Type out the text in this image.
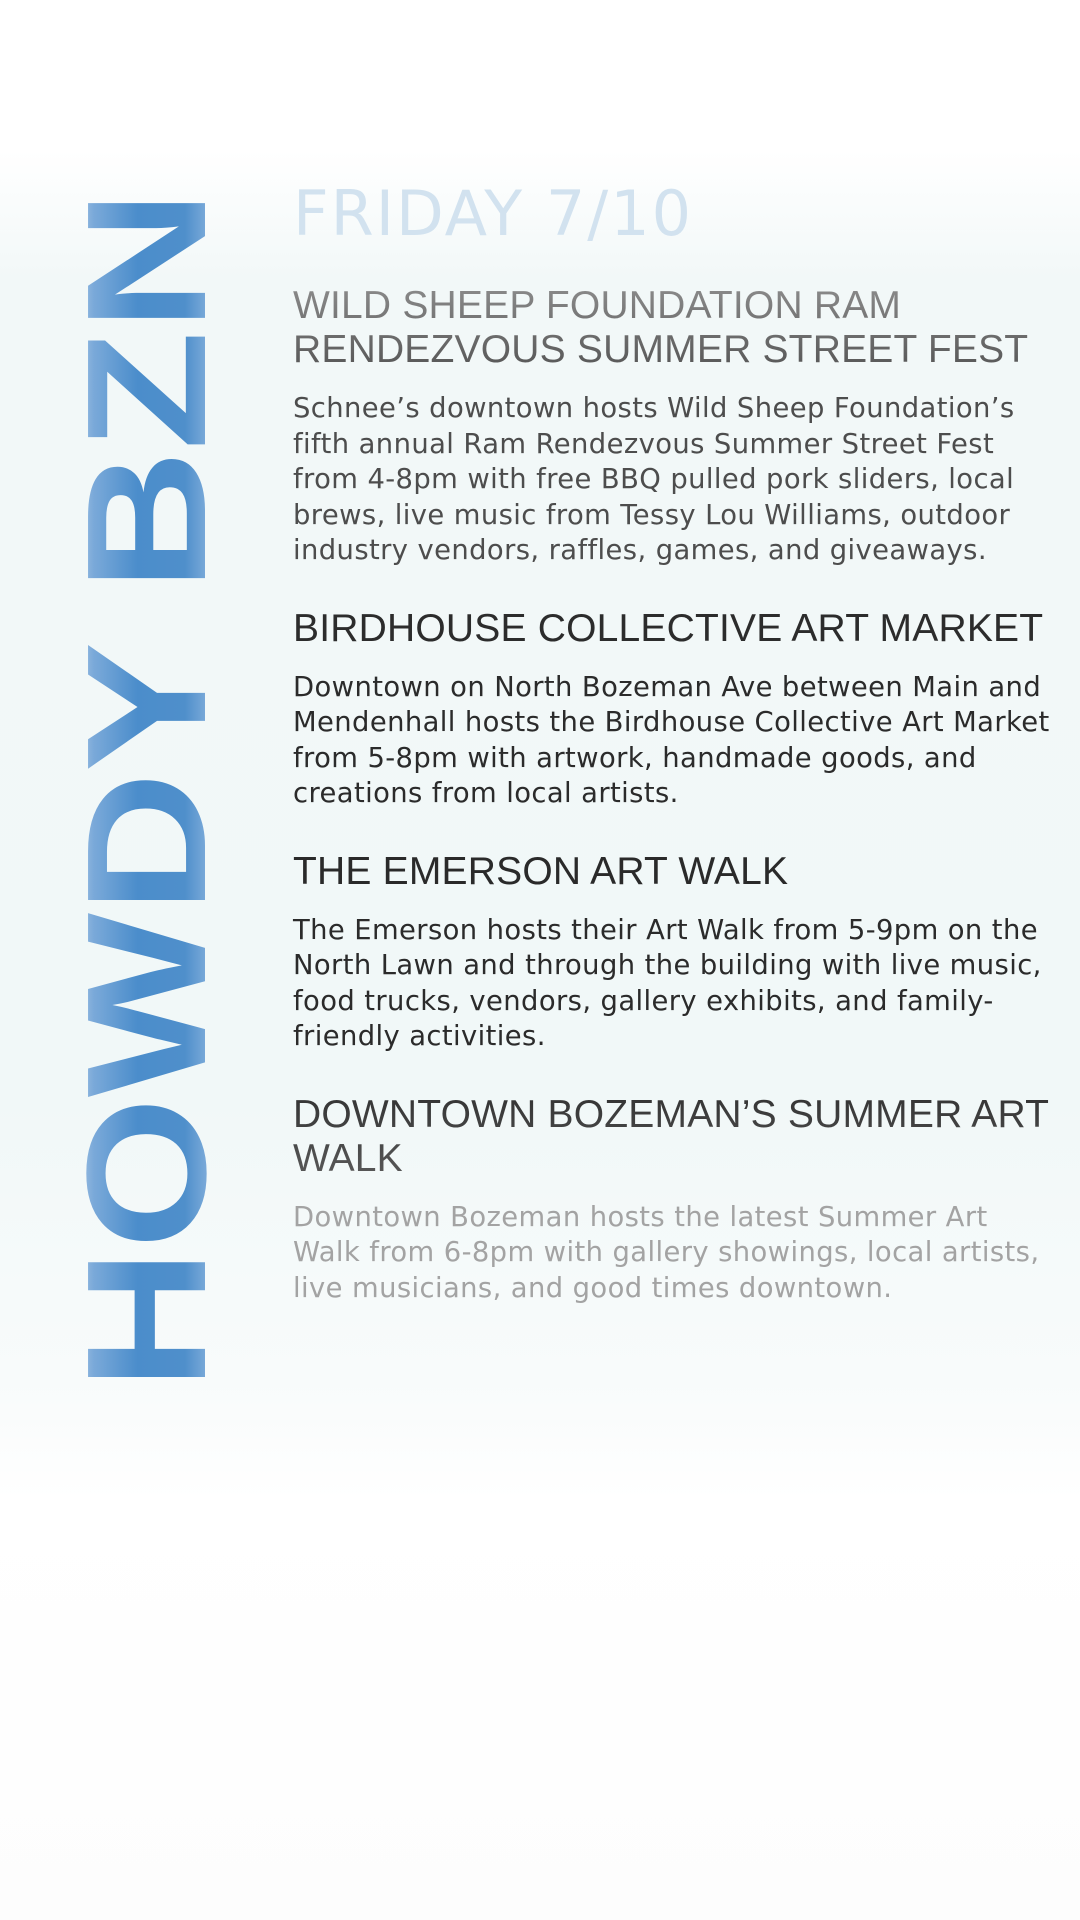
HOWDY BZN
FRIDAY 7/10
WILD SHEEP FOUNDATION RAM RENDEZVOUS SUMMER STREET FEST

Schnee’s downtown hosts Wild Sheep Foundation’s fifth annual Ram Rendezvous Summer Street Fest from 4-8pm with free BBQ pulled pork sliders, local brews, live music from Tessy Lou Williams, outdoor industry vendors, raffles, games, and giveaways.

BIRDHOUSE COLLECTIVE ART MARKET

Downtown on North Bozeman Ave between Main and Mendenhall hosts the Birdhouse Collective Art Market from 5-8pm with artwork, handmade goods, and creations from local artists.

THE EMERSON ART WALK

The Emerson hosts their Art Walk from 5-9pm on the North Lawn and through the building with live music, food trucks, vendors, gallery exhibits, and family-friendly activities.

DOWNTOWN BOZEMAN’S SUMMER ART WALK

Downtown Bozeman hosts the latest Summer Art Walk from 6-8pm with gallery showings, local artists, live musicians, and good times downtown.
